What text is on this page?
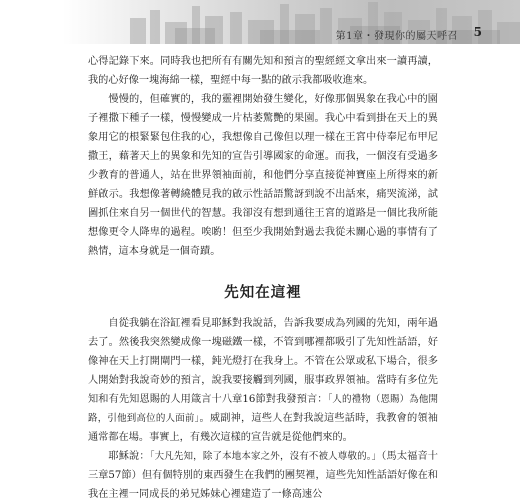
第1章・發現你的屬天呼召 5

心得記錄下來。同時我也把所有有關先知和預言的聖經經文拿出來一讀再讀，我的心好像一塊海綿一樣，聖經中每一點的啟示我都吸收進來。

慢慢的，但確實的，我的靈裡開始發生變化，好像那個異象在我心中的園子裡撒下種子一樣，慢慢變成一片枯萎驚艷的果園。我心中看到掛在天上的異象用它的根緊緊包住我的心，我想像自己像但以理一樣在王宮中侍奉尼布甲尼撒王，藉著天上的異象和先知的宣告引導國家的命運。而我，一個沒有受過多少教育的普通人，站在世界領袖面前，和他們分享直接從神寶座上所得來的新鮮啟示。我想像著轉繞體見我的啟示性話語驚訝到說不出話來，痛哭流涕，試圖抓住來自另一個世代的智慧。我卻沒有想到通往王宮的道路是一個比我所能想像更令人降卑的過程。唉喲！但至少我開始對過去我從未關心過的事情有了熱情，這本身就是一個奇蹟。

先知在這裡

自從我躺在浴缸裡看見耶穌對我說話，告訴我要成為列國的先知，兩年過去了。然後我突然變成像一塊磁鐵一樣，不管到哪裡都吸引了先知性話語，好像神在天上打開閘門一樣，鈍光燈打在我身上。不管在公眾或私下場合，很多人開始對我說奇妙的預言，說我要接觸到列國，服事政界領袖。當時有多位先知和有先知恩賜的人用箴言十八章16節對我發預言：「人的禮物（恩賜）為他開路，引他到高位的人面前」。威副神，這些人在對我說這些話時，我教會的領袖通常都在場。事實上，有幾次這樣的宣告就是從他們來的。

耶穌說：「大凡先知，除了本地本家之外，沒有不被人尊敬的。」（馬太福音十三章57節）但有個特別的東西發生在我們的團契裡，這些先知性話語好像在和我在主裡一同成長的弟兄姊妹心裡建造了一條高速公
